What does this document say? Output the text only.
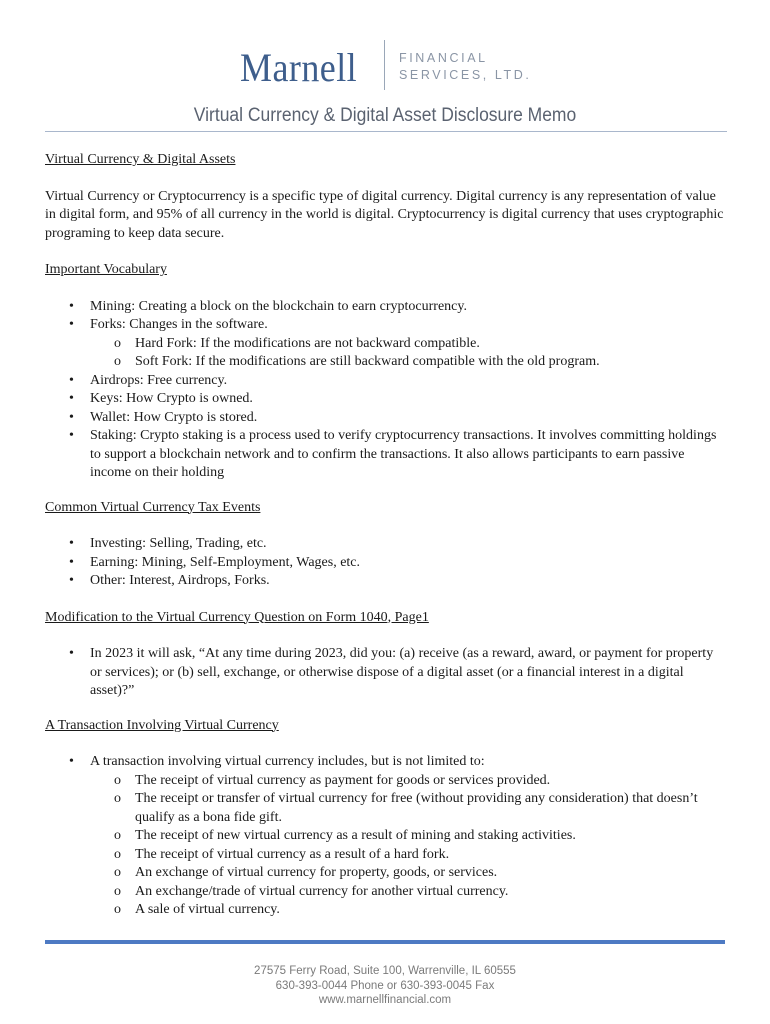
Marnell	FINANCIAL
SERVICES, LTD.
Virtual Currency & Digital Asset Disclosure Memo

Virtual Currency & Digital Assets

Virtual Currency or Cryptocurrency is a specific type of digital currency. Digital currency is any representation of value in digital form, and 95% of all currency in the world is digital. Cryptocurrency is digital currency that uses cryptographic programing to keep data secure.

Important Vocabulary

• Mining: Creating a block on the blockchain to earn cryptocurrency.
• Forks: Changes in the software.
o Hard Fork: If the modifications are not backward compatible.
o Soft Fork: If the modifications are still backward compatible with the old program.
• Airdrops: Free currency.
• Keys: How Crypto is owned.
• Wallet: How Crypto is stored.
• Staking: Crypto staking is a process used to verify cryptocurrency transactions. It involves committing holdings to support a blockchain network and to confirm the transactions. It also allows participants to earn passive income on their holding

Common Virtual Currency Tax Events

• Investing: Selling, Trading, etc.
• Earning: Mining, Self-Employment, Wages, etc.
• Other: Interest, Airdrops, Forks.

Modification to the Virtual Currency Question on Form 1040, Page1

• In 2023 it will ask, “At any time during 2023, did you: (a) receive (as a reward, award, or payment for property or services); or (b) sell, exchange, or otherwise dispose of a digital asset (or a financial interest in a digital asset)?”

A Transaction Involving Virtual Currency

• A transaction involving virtual currency includes, but is not limited to:
o The receipt of virtual currency as payment for goods or services provided.
o The receipt or transfer of virtual currency for free (without providing any consideration) that doesn’t qualify as a bona fide gift.
o The receipt of new virtual currency as a result of mining and staking activities.
o The receipt of virtual currency as a result of a hard fork.
o An exchange of virtual currency for property, goods, or services.
o An exchange/trade of virtual currency for another virtual currency.
o A sale of virtual currency.
27575 Ferry Road, Suite 100, Warrenville, IL 60555
630-393-0044 Phone or 630-393-0045 Fax
www.marnellfinancial.com
